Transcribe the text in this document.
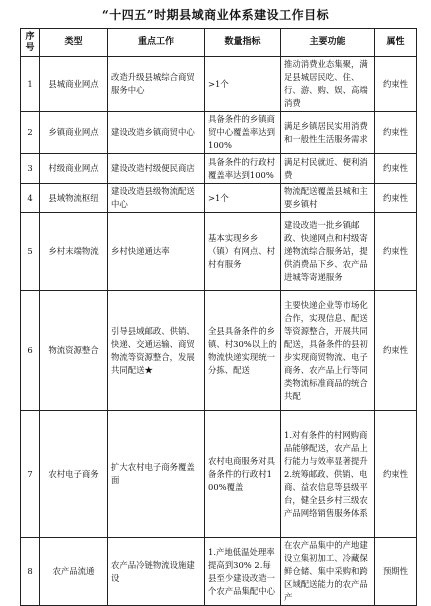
“十四五”时期县域商业体系建设工作目标
序号	类型	重点工作	数量指标	主要功能	属性
1	县城商业网点	改造升级县城综合商贸服务中心	>1个	推动消费业态集聚，满足县城居民吃、住、行、游、购、娱、高端消费	约束性
2	乡镇商业网点	建设改造乡镇商贸中心	具备条件的乡镇商贸中心覆盖率达到100%	满足乡镇居民实用消费和一般性生活服务需求	约束性
3	村级商业网点	建设改造村级便民商店	具备条件的行政村覆盖率达到100%	满足村民就近、便利消费	约束性
4	县域物流枢纽	建设改造县级物流配送中心	>1个	物流配送覆盖县城和主要乡镇村	约束性
5	乡村末端物流	乡村快递通达率	基本实现乡乡（镇）有网点、村村有服务	建设改造一批乡镇邮政、快递网点和村级寄递物流综合服务站，提供消费品下乡、农产品进城等寄递服务	约束性
6	物流资源整合	引导县域邮政、供销、快递、交通运输、商贸物流等资源整合，发展共同配送★	全县具备条件的乡镇、村30%以上的物流快递实现统一分拣、配送	主要快递企业等市场化合作，实现信息、配送等资源整合，开展共同配送，具备条件的县初步实现商贸物流、电子商务、农产品上行等同类物流标准商品的统合共配	约束性
7	农村电子商务	扩大农村电子商务覆盖面	农村电商服务对具备条件的行政村100%覆盖	1.对有条件的村网购商品能够配送，农产品上行能力与效率显著提升 2.统筹邮政、供销、电商、益农信息等县级平台，健全县乡村三级农产品网络销售服务体系	约束性
8	农产品流通	农产品冷链物流设施建设	1.产地低温处理率提高到30% 2.每县至少建设改造一个农产品集配中心	在农产品集中的产地建设立集初加工、冷藏保鲜仓储、集中采购和跨区域配送能力的农产品产	预期性
